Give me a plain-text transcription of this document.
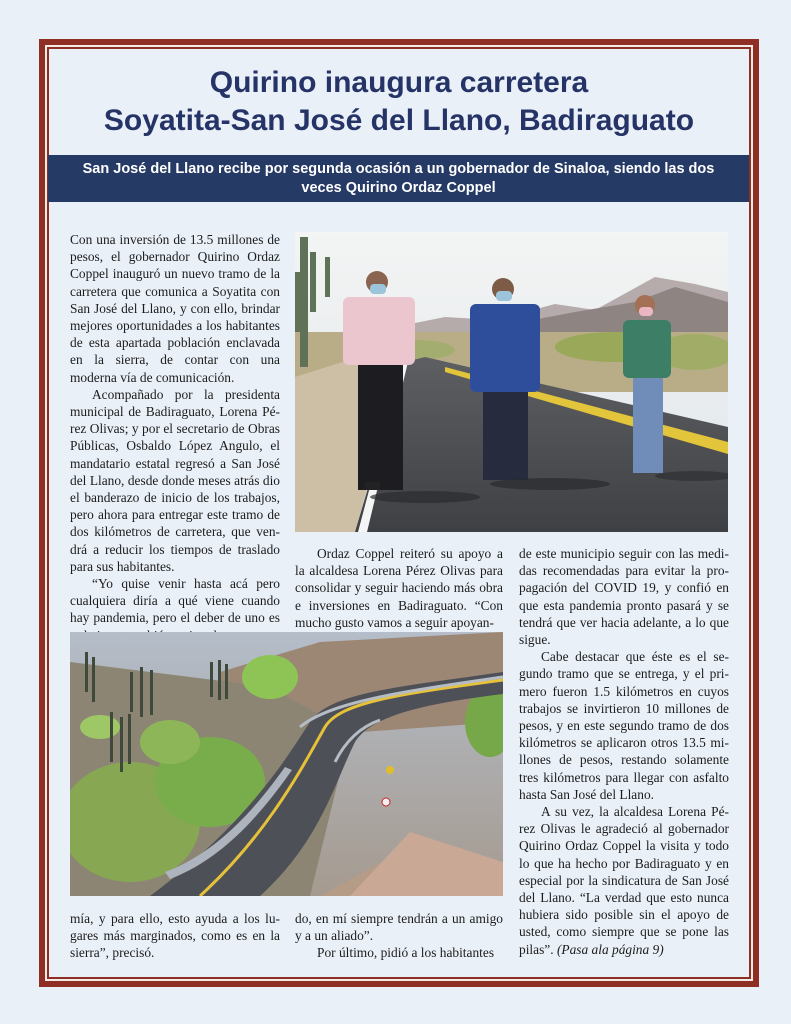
Quirino inaugura carretera
Soyatita-San José del Llano, Badiraguato
San José del Llano recibe por segunda ocasión a un gobernador de Sinaloa, siendo las dos veces Quirino Ordaz Coppel

Con una inversión de 13.5 millones de pesos, el gobernador Quirino Ordaz Coppel inauguró un nuevo tramo de la carretera que comunica a Soyatita con San José del Llano, y con ello, brindar mejores oportunidades a los habitantes de esta apartada población enclavada en la sierra, de contar con una moderna vía de comunicación.

Acompañado por la presidenta municipal de Badiraguato, Lorena Pérez Olivas; y por el secretario de Obras Públicas, Osbaldo López Angulo, el mandatario estatal regresó a San José del Llano, desde donde meses atrás dio el banderazo de inicio de los trabajos, pero ahora para entregar este tramo de dos kilómetros de carretera, que vendrá a reducir los tiempos de traslado para sus habitantes.

“Yo quise venir hasta acá pero cualquiera diría a qué viene cuando hay pandemia, pero el deber de uno es

Ordaz Coppel reiteró su apoyo a la alcaldesa Lorena Pérez Olivas para consolidar y seguir haciendo más obra e inversiones en Badiraguato. “Con mucho gusto vamos a seguir apoyan-

de este municipio seguir con las medidas recomendadas para evitar la propagación del COVID 19, y confió en que esta pandemia pronto pasará y se tendrá que ver hacia adelante, a lo que sigue.

Cabe destacar que éste es el segundo tramo que se entrega, y el primero fueron 1.5 kilómetros en cuyos trabajos se invirtieron 10 millones de pesos, y en este segundo tramo de dos kilómetros se aplicaron otros 13.5 millones de pesos, restando solamente tres kilómetros para llegar con asfalto hasta San José del Llano.

A su vez, la alcaldesa Lorena Pérez Olivas le agradeció al gobernador Quirino Ordaz Coppel la visita y todo lo que ha hecho por Badiraguato y en especial por la sindicatura de San José del Llano. “La verdad que esto nunca hubiera sido posible sin el apoyo de usted, como siempre que se pone las pilas”. (Pasa ala página 9)

mía, y para ello, esto ayuda a los lugares más marginados, como es en la sierra”, precisó.

do, en mí siempre tendrán a un amigo y a un aliado”.

Por último, pidió a los habitantes
